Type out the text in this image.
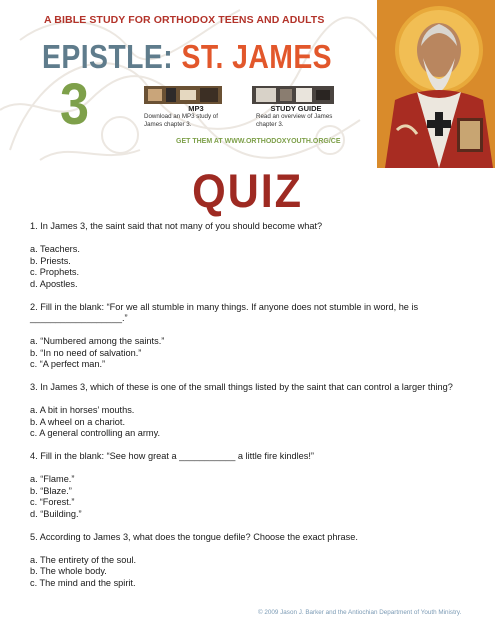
A BIBLE STUDY FOR ORTHODOX TEENS AND ADULTS
EPISTLE: ST. JAMES
3	MP3
Download an MP3 study of James chapter 3.
STUDY GUIDE
Read an overview of James chapter 3.
GET THEM AT WWW.ORTHODOXYOUTH.ORG/CE
QUIZ

1. In James 3, the saint said that not many of you should become what?

a. Teachers.
b. Priests.
c. Prophets.
d. Apostles.

2. Fill in the blank: “For we all stumble in many things. If anyone does not stumble in word, he is __________________.”

a. “Numbered among the saints.”
b. “In no need of salvation.”
c. “A perfect man.”

3. In James 3, which of these is one of the small things listed by the saint that can control a larger thing?

a. A bit in horses’ mouths.
b. A wheel on a chariot.
c. A general controlling an army.

4. Fill in the blank: “See how great a ___________ a little fire kindles!”

a. “Flame.”
b. “Blaze.”
c. “Forest.”
d. “Building.”

5. According to James 3, what does the tongue defile? Choose the exact phrase.

a. The entirety of the soul.
b. The whole body.
c. The mind and the spirit.
© 2009 Jason J. Barker and the Antiochian Department of Youth Ministry.
